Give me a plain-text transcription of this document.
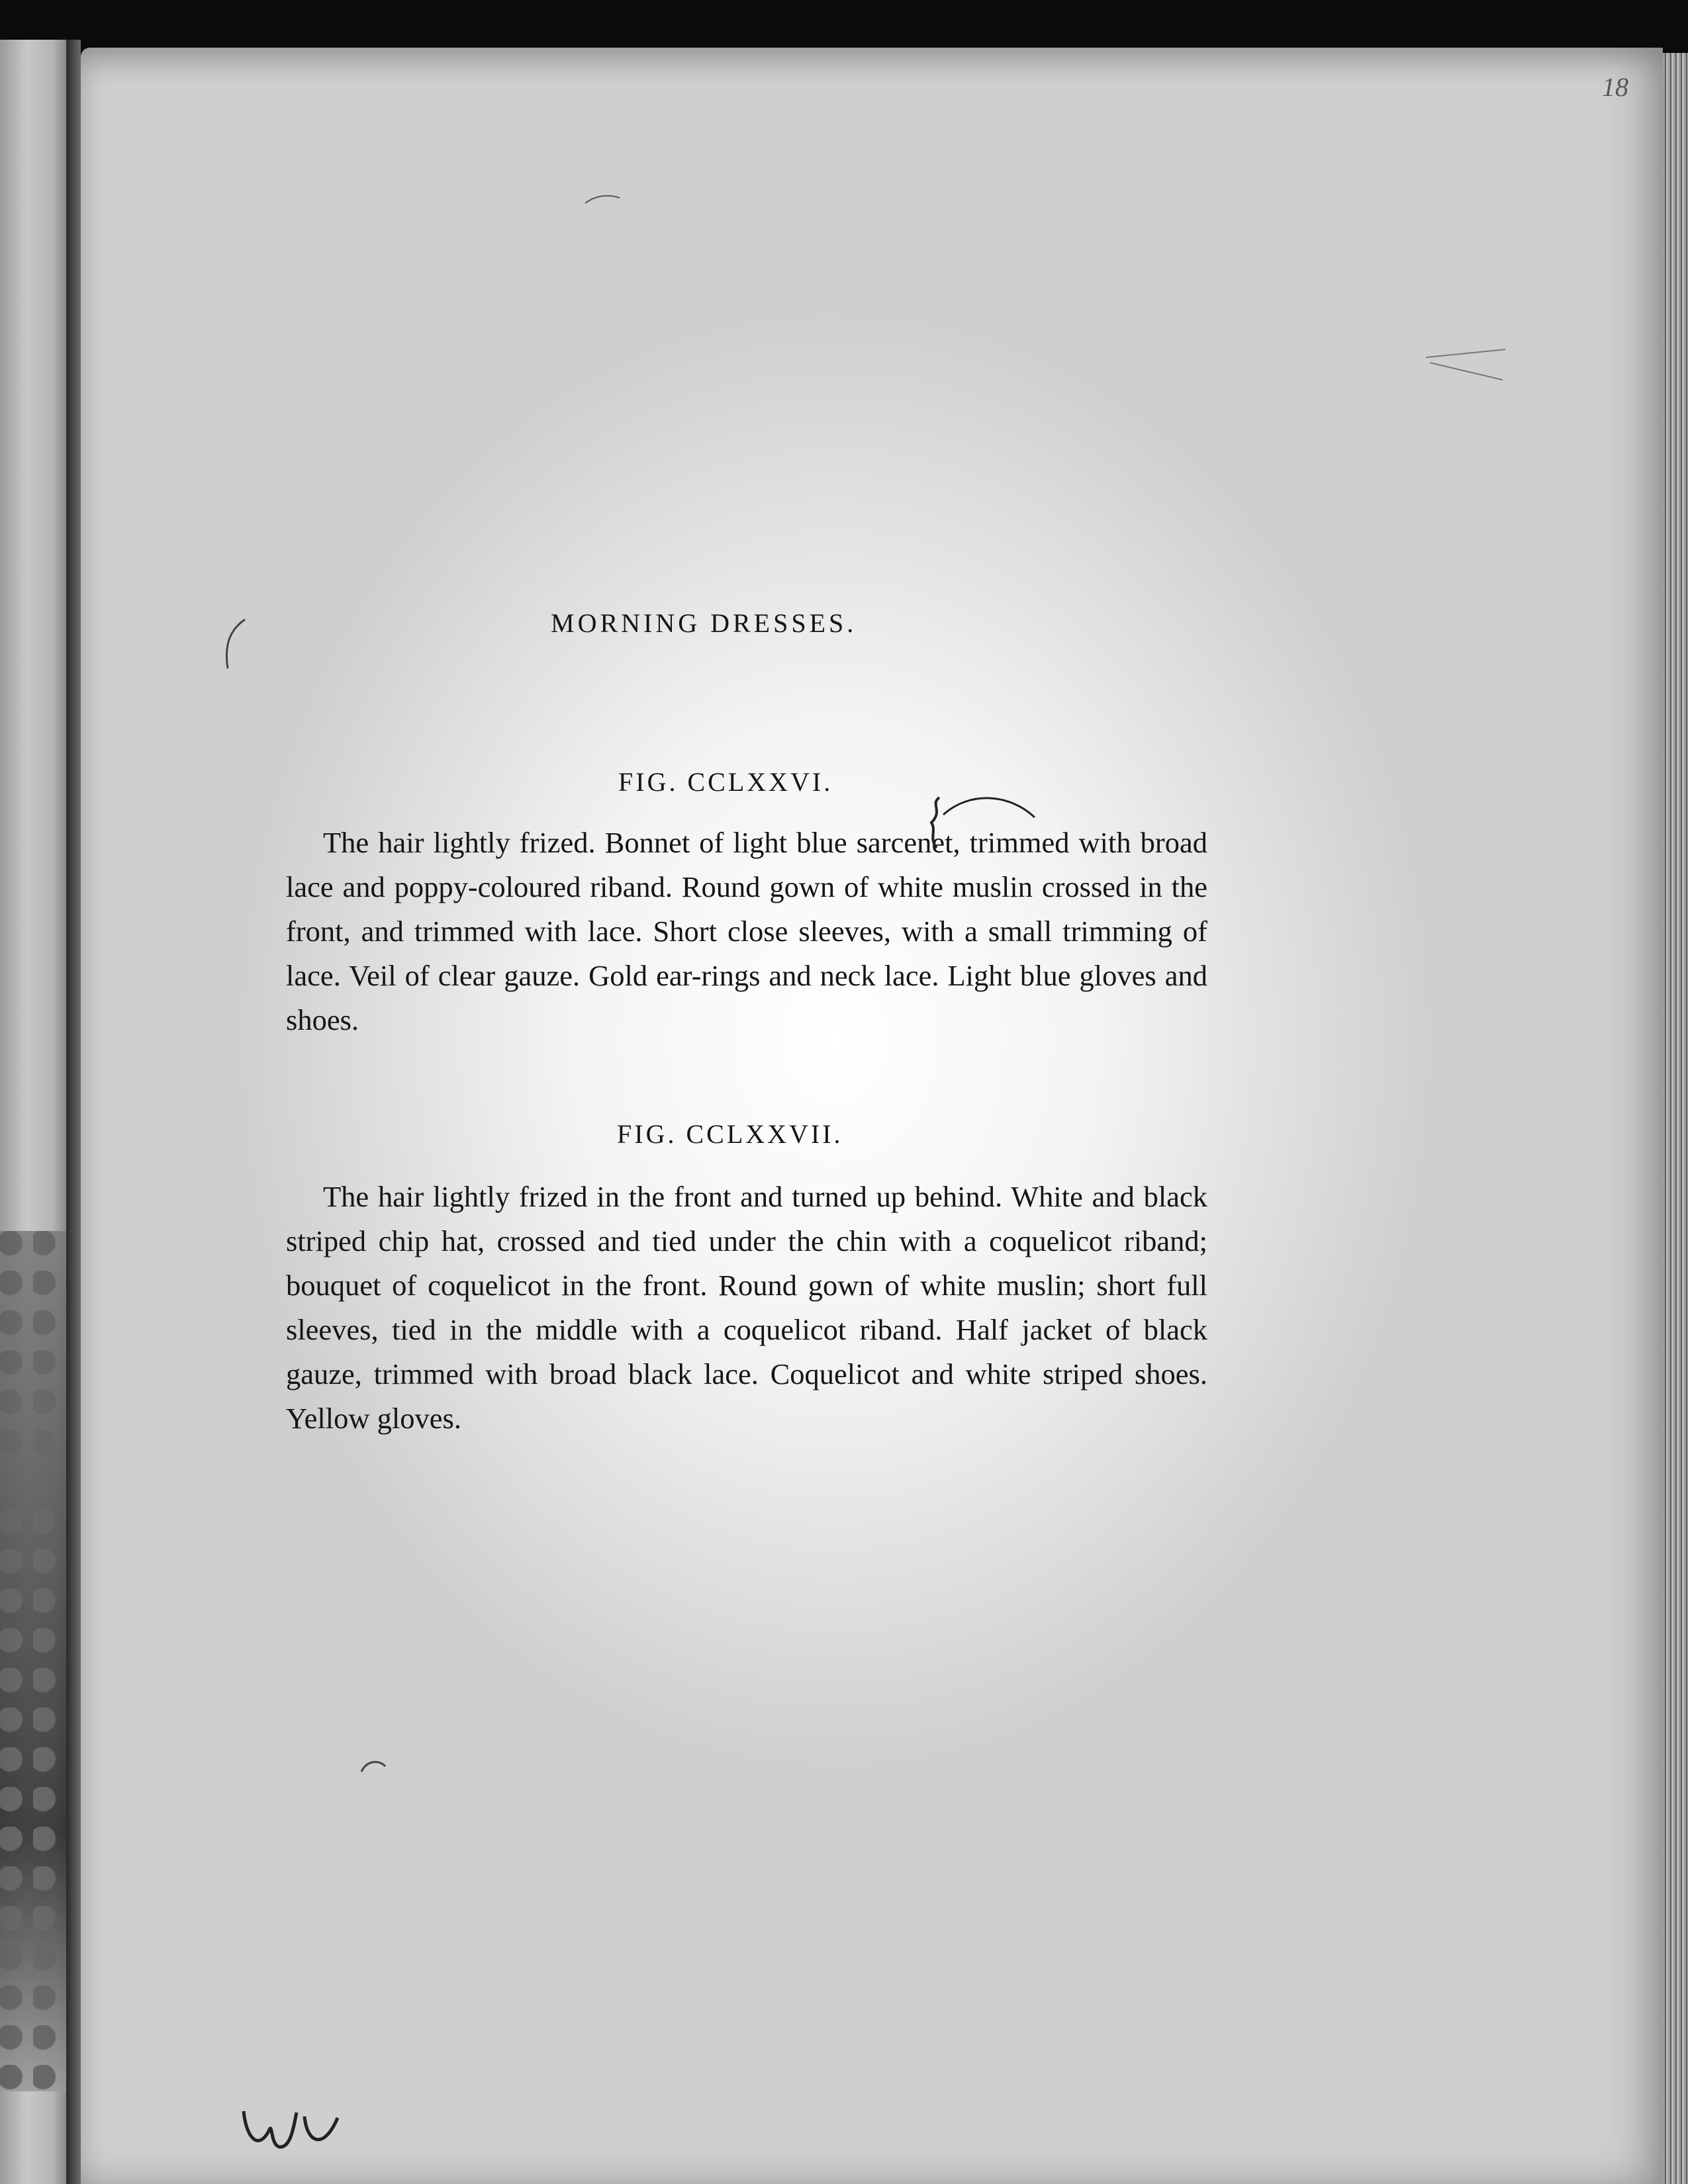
18
MORNING DRESSES.
FIG. CCLXXVI.
The hair lightly frized. Bonnet of light blue sarcenet, trimmed with broad lace and poppy-coloured riband. Round gown of white muslin crossed in the front, and trimmed with lace. Short close sleeves, with a small trimming of lace. Veil of clear gauze. Gold ear-rings and neck lace. Light blue gloves and shoes.
FIG. CCLXXVII.
The hair lightly frized in the front and turned up behind. White and black striped chip hat, crossed and tied under the chin with a coquelicot riband; bouquet of coquelicot in the front. Round gown of white muslin; short full sleeves, tied in the middle with a coquelicot riband. Half jacket of black gauze, trimmed with broad black lace. Coquelicot and white striped shoes. Yellow gloves.
